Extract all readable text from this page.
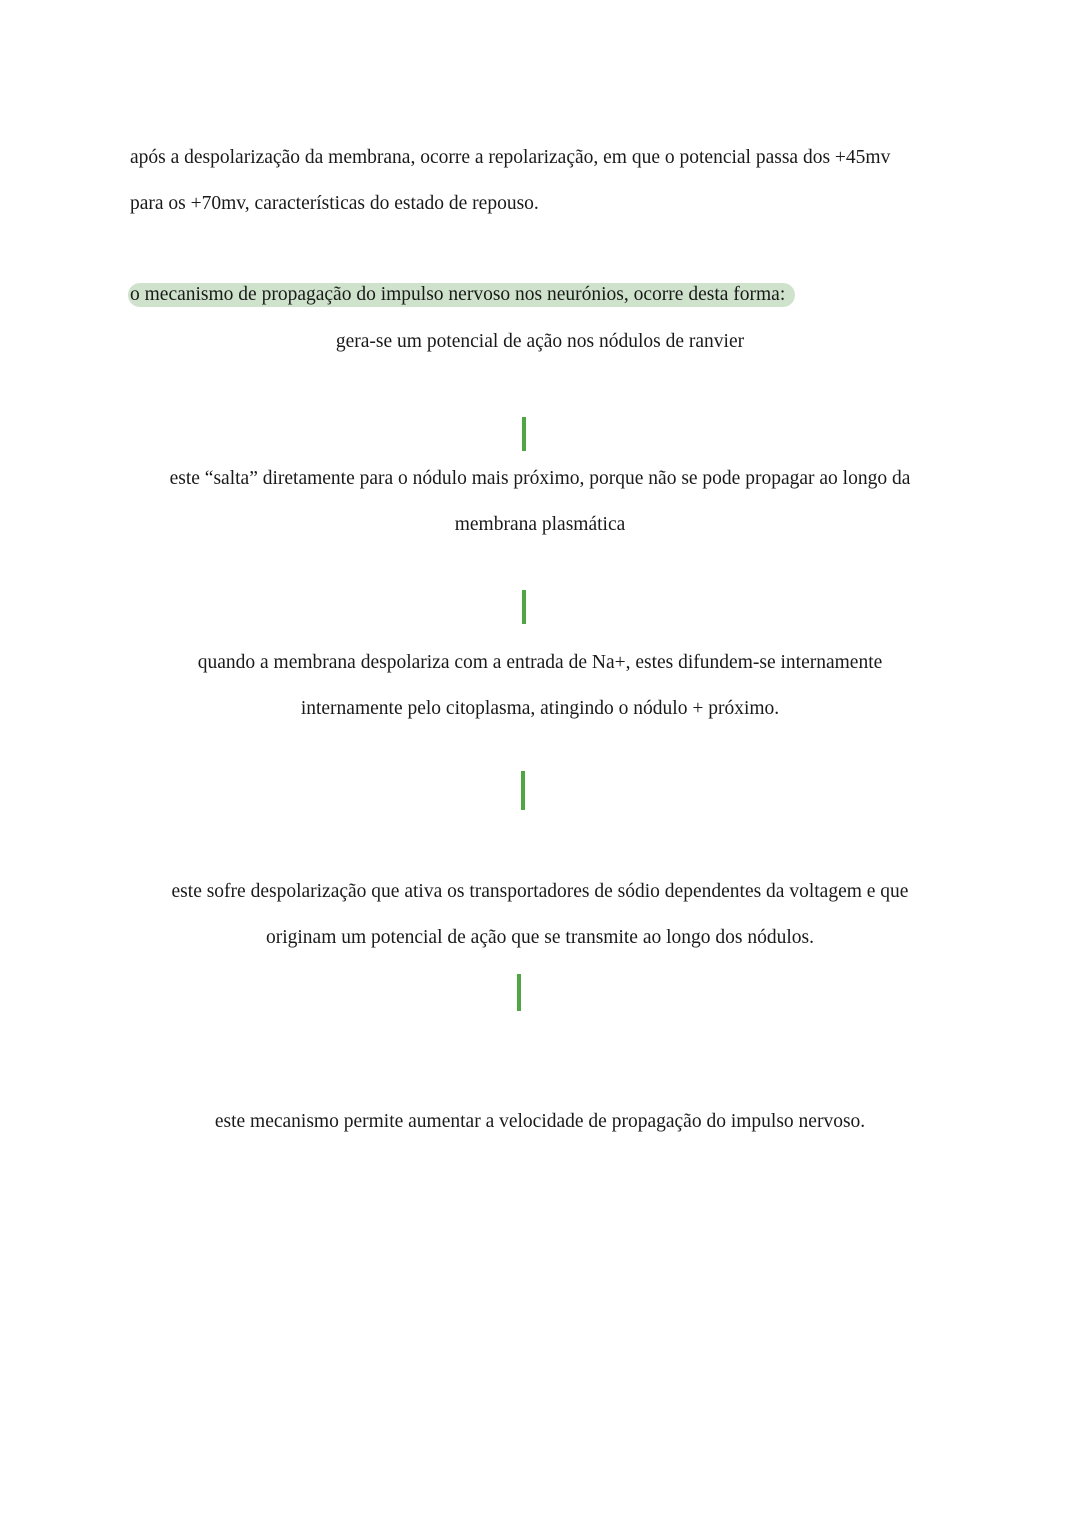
após a despolarização da membrana, ocorre a repolarização, em que o potencial passa dos +45mv
para os +70mv, características do estado de repouso.
o mecanismo de propagação do impulso nervoso nos neurónios, ocorre desta forma:
gera-se um potencial de ação nos nódulos de ranvier
este “salta” diretamente para o nódulo mais próximo, porque não se pode propagar ao longo da
membrana plasmática
quando a membrana despolariza com a entrada de Na+, estes difundem-se internamente
internamente pelo citoplasma, atingindo o nódulo + próximo.
este sofre despolarização que ativa os transportadores de sódio dependentes da voltagem e que
originam um potencial de ação que se transmite ao longo dos nódulos.
este mecanismo permite aumentar a velocidade de propagação do impulso nervoso.
